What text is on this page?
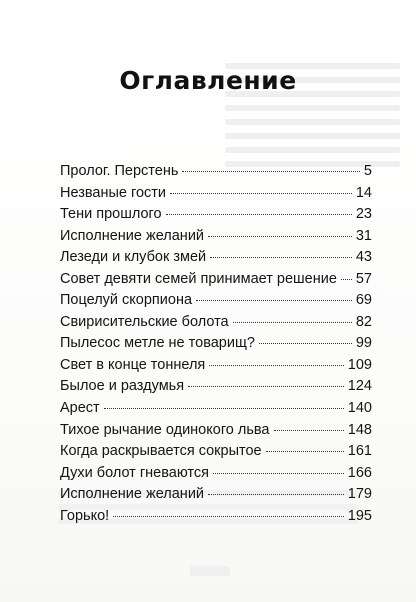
Оглавление
Пролог. Перстень	5
Незваные гости	14
Тени прошлого	23
Исполнение желаний	31
Лезеди и клубок змей	43
Совет девяти семей принимает решение 57
Поцелуй скорпиона	69
Свирисительские болота	82
Пылесос метле не товарищ?	99
Свет в конце тоннеля	109
Былое и раздумья	124
Арест	140
Тихое рычание одинокого льва	148
Когда раскрывается сокрытое	161
Духи болот гневаются	166
Исполнение желаний	179
Горько!	195
